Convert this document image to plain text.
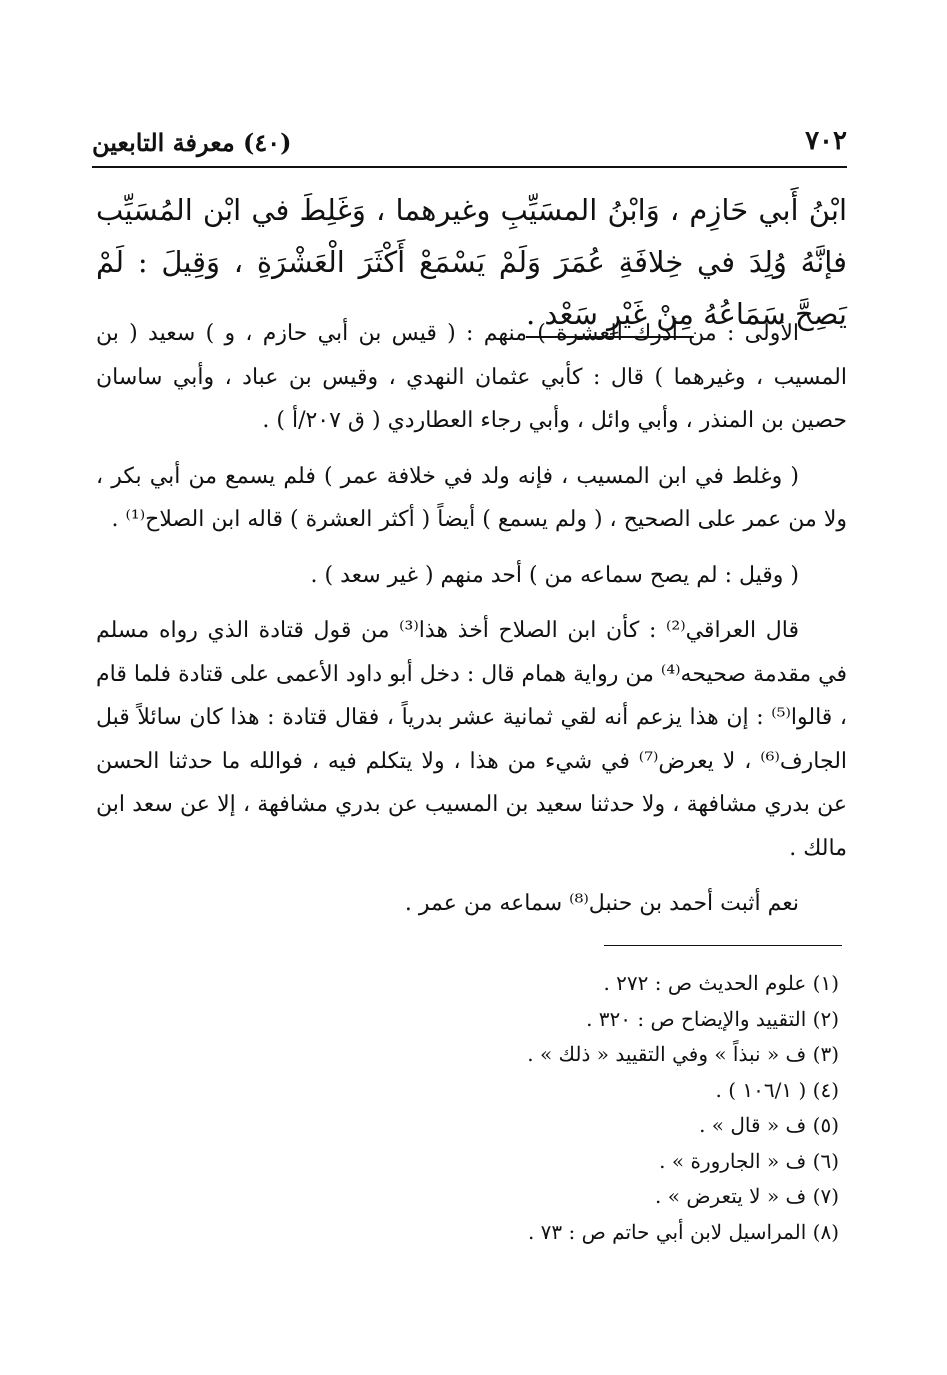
٧٠٢
(٤٠) معرفة التابعين
ابْنُ أَبي حَازِم ، وَابْنُ المسَيِّبِ وغيرهما ، وَغَلِطَ في ابْن المُسَيِّب فإنَّهُ وُلِدَ في خِلافَةِ عُمَرَ وَلَمْ يَسْمَعْ أَكْثَرَ الْعَشْرَةِ ، وَقِيلَ : لَمْ يَصِحَّ سَمَاعُهُ مِنْ غَيْرِ سَعْد .

الأولى : من أدرك العشرة ) منهم : ( قيس بن أبي حازم ، و ) سعيد ( بن المسيب ، وغيرهما ) قال : كأبي عثمان النهدي ، وقيس بن عباد ، وأبي ساسان حصين بن المنذر ، وأبي وائل ، وأبي رجاء العطاردي ( ق ٢٠٧/أ ) .

( وغلط في ابن المسيب ، فإنه ولد في خلافة عمر ) فلم يسمع من أبي بكر ، ولا من عمر على الصحيح ، ( ولم يسمع ) أيضاً ( أكثر العشرة ) قاله ابن الصلاح⁽¹⁾ .

( وقيل : لم يصح سماعه من ) أحد منهم ( غير سعد ) .

قال العراقي⁽²⁾ : كأن ابن الصلاح أخذ هذا⁽³⁾ من قول قتادة الذي رواه مسلم في مقدمة صحيحه⁽⁴⁾ من رواية همام قال : دخل أبو داود الأعمى على قتادة فلما قام ، قالوا⁽⁵⁾ : إن هذا يزعم أنه لقي ثمانية عشر بدرياً ، فقال قتادة : هذا كان سائلاً قبل الجارف⁽⁶⁾ ، لا يعرض⁽⁷⁾ في شيء من هذا ، ولا يتكلم فيه ، فوالله ما حدثنا الحسن عن بدري مشافهة ، ولا حدثنا سعيد بن المسيب عن بدري مشافهة ، إلا عن سعد ابن مالك .

نعم أثبت أحمد بن حنبل⁽⁸⁾ سماعه من عمر .

(١) علوم الحديث ص : ٢٧٢ .
(٢) التقييد والإيضاح ص : ٣٢٠ .
(٣) ف « نبذاً » وفي التقييد « ذلك » .
(٤) ( ١٠٦/١ ) .
(٥) ف « قال » .
(٦) ف « الجارورة » .
(٧) ف « لا يتعرض » .
(٨) المراسيل لابن أبي حاتم ص : ٧٣ .
